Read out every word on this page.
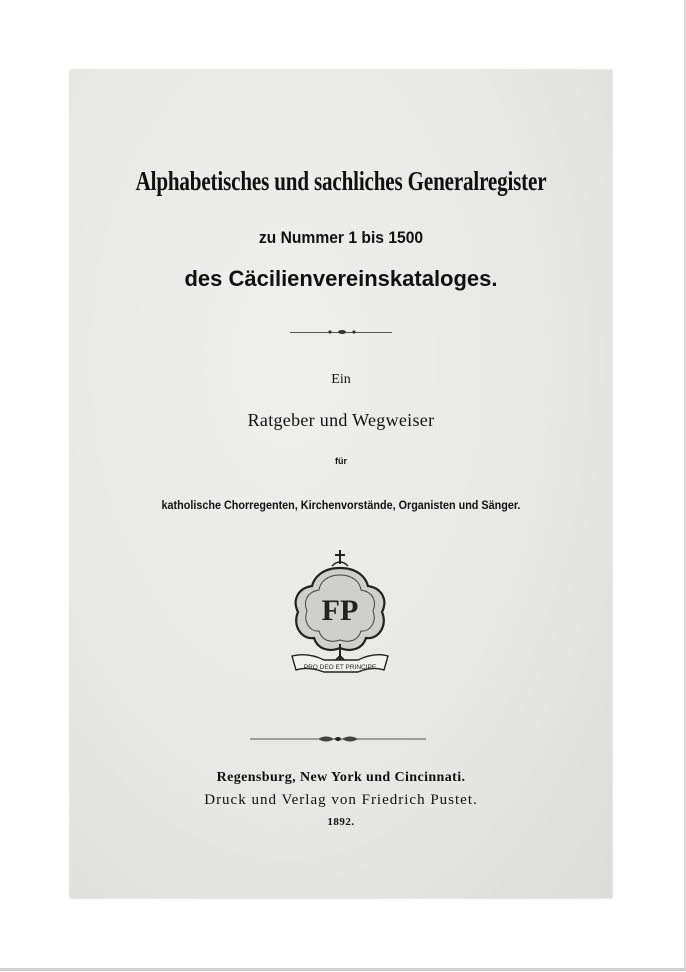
Alphabetisches und sachliches Generalregister
zu Nummer 1 bis 1500
des Cäcilienvereinskataloges.
Ein
Ratgeber und Wegweiser
für
katholische Chorregenten, Kirchenvorstände, Organisten und Sänger.
FP
PRO DEO ET PRINCIPE
Regensburg, New York und Cincinnati.
Druck und Verlag von Friedrich Pustet.
1892.
